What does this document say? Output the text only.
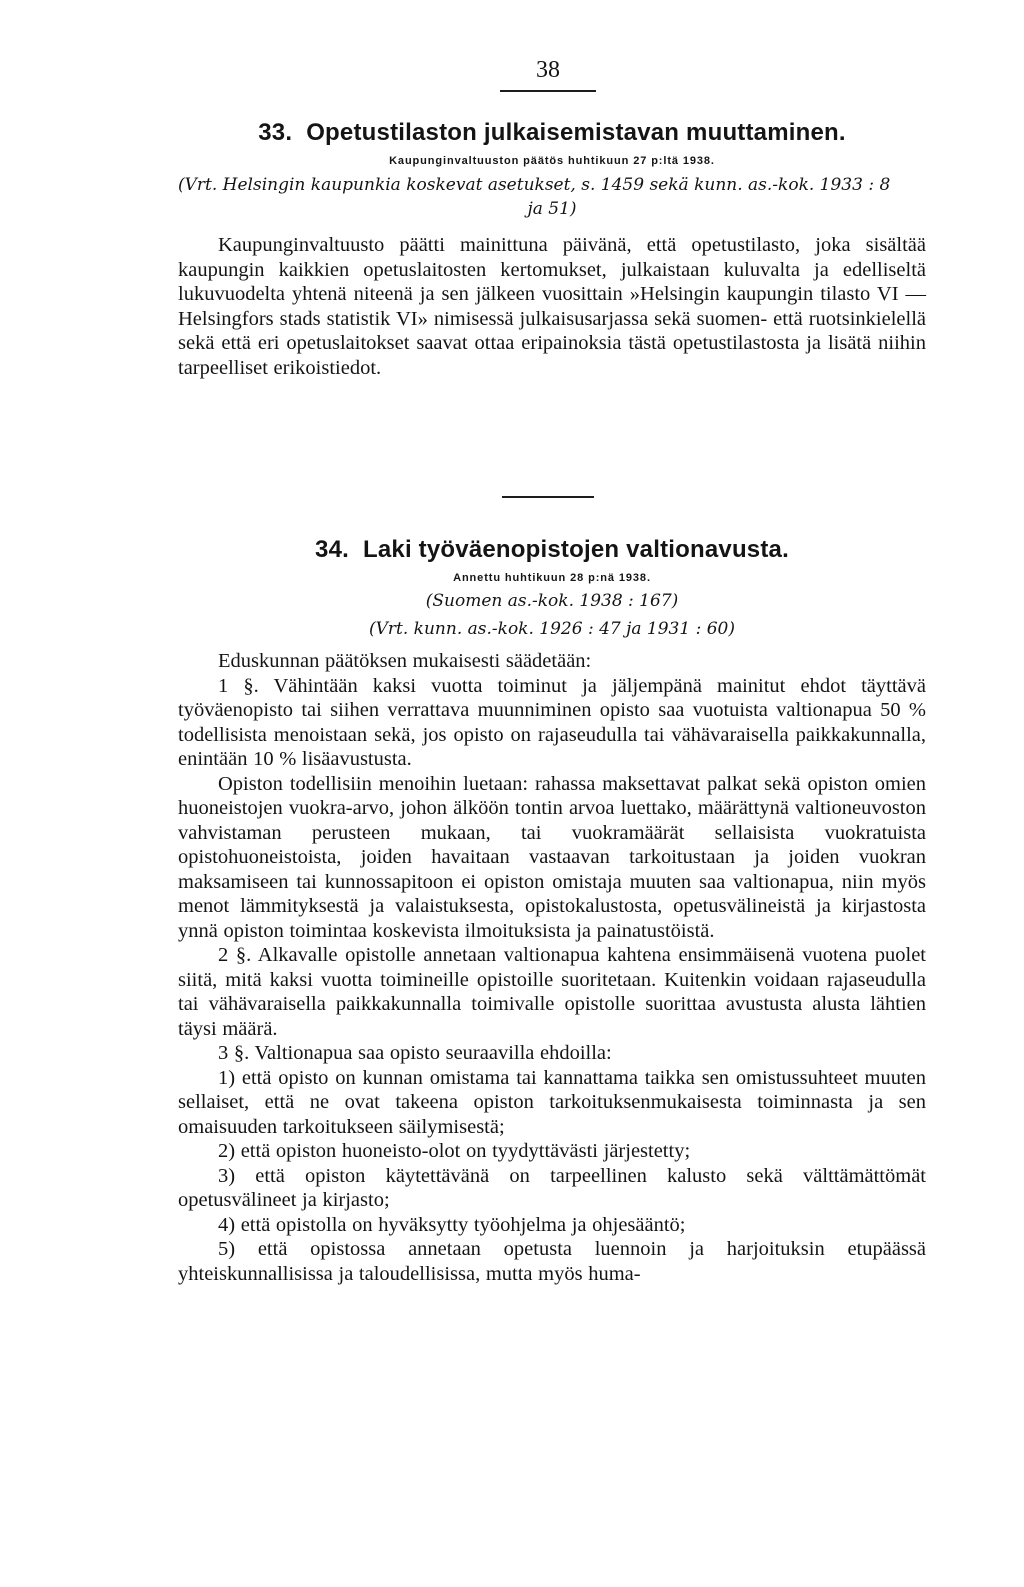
38
33. Opetustilaston julkaisemistavan muuttaminen.
Kaupunginvaltuuston päätös huhtikuun 27 p:ltä 1938.
(Vrt. Helsingin kaupunkia koskevat asetukset, s. 1459 sekä kunn. as.-kok. 1933 : 8
ja 51)

Kaupunginvaltuusto päätti mainittuna päivänä, että opetustilasto, joka sisältää kaupungin kaikkien opetuslaitosten kertomukset, julkaistaan kuluvalta ja edelliseltä lukuvuodelta yhtenä niteenä ja sen jälkeen vuosittain »Helsingin kaupungin tilasto VI — Helsingfors stads statistik VI» nimisessä julkaisusarjassa sekä suomen- että ruotsinkielellä sekä että eri opetuslaitokset saavat ottaa eripainoksia tästä opetustilastosta ja lisätä niihin tarpeelliset erikoistiedot.

34. Laki työväenopistojen valtionavusta.
Annettu huhtikuun 28 p:nä 1938.
(Suomen as.-kok. 1938 : 167)
(Vrt. kunn. as.-kok. 1926 : 47 ja 1931 : 60)

Eduskunnan päätöksen mukaisesti säädetään:

1 §. Vähintään kaksi vuotta toiminut ja jäljempänä mainitut ehdot täyttävä työväenopisto tai siihen verrattava muunniminen opisto saa vuotuista valtionapua 50 % todellisista menoistaan sekä, jos opisto on rajaseudulla tai vähävaraisella paikkakunnalla, enintään 10 % lisäavustusta.

Opiston todellisiin menoihin luetaan: rahassa maksettavat palkat sekä opiston omien huoneistojen vuokra-arvo, johon älköön tontin arvoa luettako, määrättynä valtioneuvoston vahvistaman perusteen mukaan, tai vuokramäärät sellaisista vuokratuista opistohuoneistoista, joiden havaitaan vastaavan tarkoitustaan ja joiden vuokran maksamiseen tai kunnossapitoon ei opiston omistaja muuten saa valtionapua, niin myös menot lämmityksestä ja valaistuksesta, opistokalustosta, opetusvälineistä ja kirjastosta ynnä opiston toimintaa koskevista ilmoituksista ja painatustöistä.

2 §. Alkavalle opistolle annetaan valtionapua kahtena ensimmäisenä vuotena puolet siitä, mitä kaksi vuotta toimineille opistoille suoritetaan. Kuitenkin voidaan rajaseudulla tai vähävaraisella paikkakunnalla toimivalle opistolle suorittaa avustusta alusta lähtien täysi määrä.

3 §. Valtionapua saa opisto seuraavilla ehdoilla:

1) että opisto on kunnan omistama tai kannattama taikka sen omistussuhteet muuten sellaiset, että ne ovat takeena opiston tarkoituksenmukaisesta toiminnasta ja sen omaisuuden tarkoitukseen säilymisestä;

2) että opiston huoneisto-olot on tyydyttävästi järjestetty;

3) että opiston käytettävänä on tarpeellinen kalusto sekä välttämättömät opetusvälineet ja kirjasto;

4) että opistolla on hyväksytty työohjelma ja ohjesääntö;

5) että opistossa annetaan opetusta luennoin ja harjoituksin etupäässä yhteiskunnallisissa ja taloudellisissa, mutta myös huma-
